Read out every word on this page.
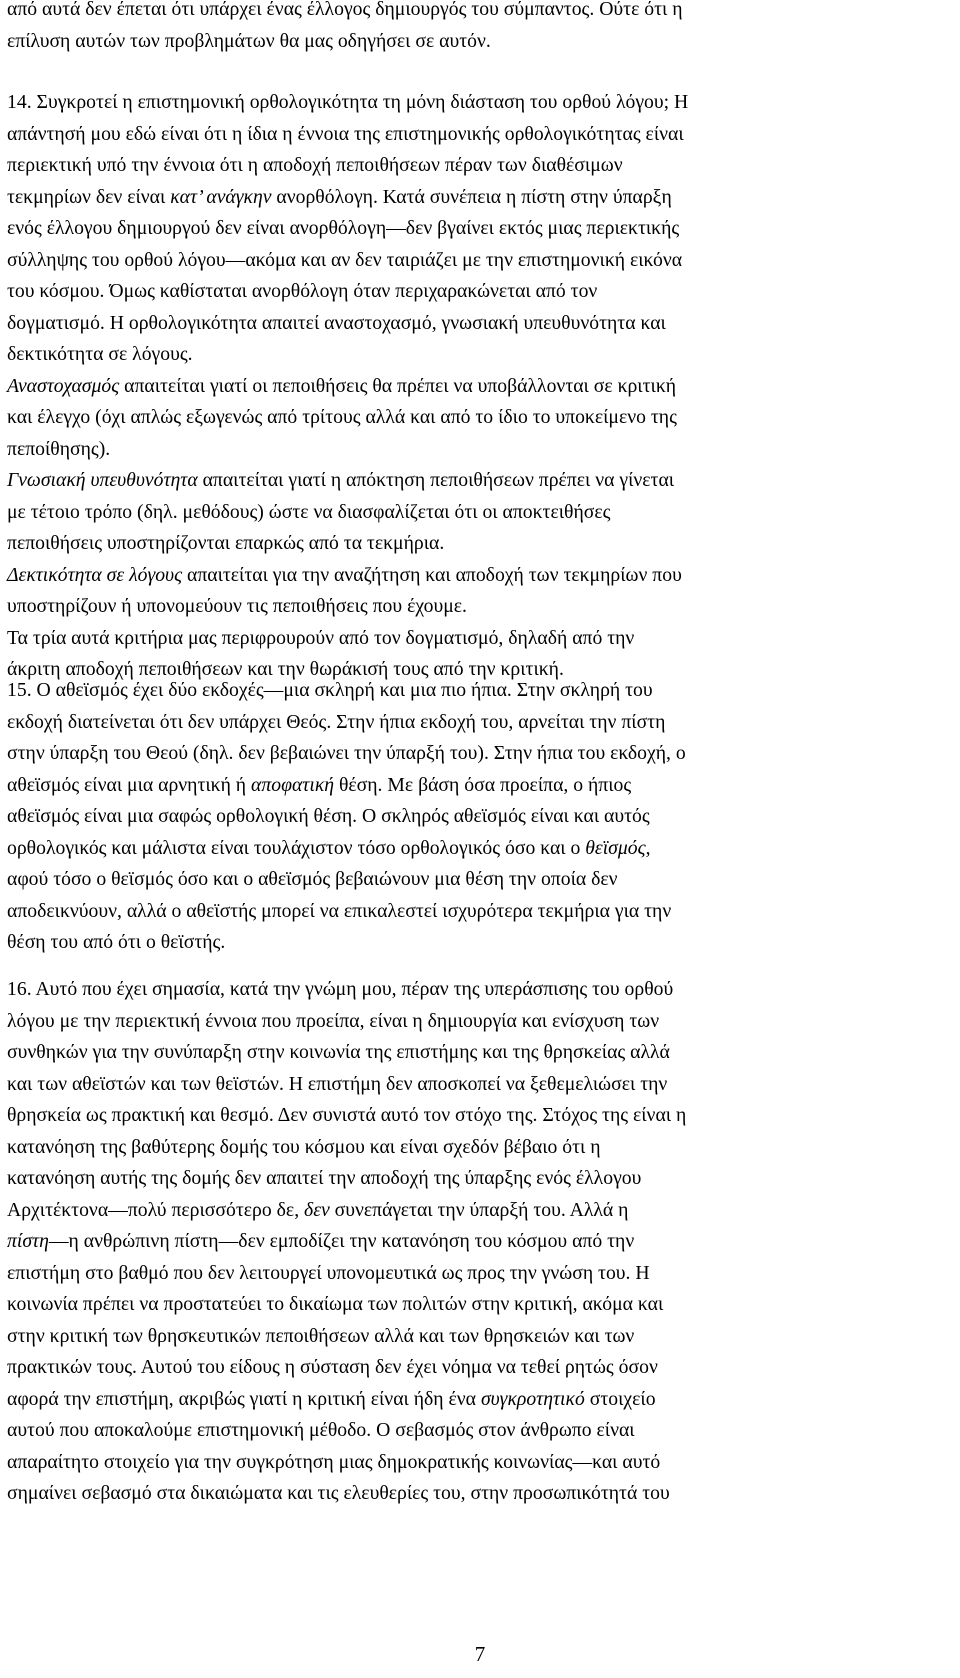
από αυτά δεν έπεται ότι υπάρχει ένας έλλογος δημιουργός του σύμπαντος. Ούτε ότι η
επίλυση αυτών των προβλημάτων θα μας οδηγήσει σε αυτόν.
14. Συγκροτεί η επιστημονική ορθολογικότητα τη μόνη διάσταση του ορθού λόγου; Η
απάντησή μου εδώ είναι ότι η ίδια η έννοια της επιστημονικής ορθολογικότητας είναι
περιεκτική υπό την έννοια ότι η αποδοχή πεποιθήσεων πέραν των διαθέσιμων
τεκμηρίων δεν είναι κατ’ ανάγκην ανορθόλογη. Κατά συνέπεια η πίστη στην ύπαρξη
ενός έλλογου δημιουργού δεν είναι ανορθόλογη—δεν βγαίνει εκτός μιας περιεκτικής
σύλληψης του ορθού λόγου—ακόμα και αν δεν ταιριάζει με την επιστημονική εικόνα
του κόσμου. Όμως καθίσταται ανορθόλογη όταν περιχαρακώνεται από τον
δογματισμό. Η ορθολογικότητα απαιτεί αναστοχασμό, γνωσιακή υπευθυνότητα και
δεκτικότητα σε λόγους.
Αναστοχασμός απαιτείται γιατί οι πεποιθήσεις θα πρέπει να υποβάλλονται σε κριτική
και έλεγχο (όχι απλώς εξωγενώς από τρίτους αλλά και από το ίδιο το υποκείμενο της
πεποίθησης).
Γνωσιακή υπευθυνότητα απαιτείται γιατί η απόκτηση πεποιθήσεων πρέπει να γίνεται
με τέτοιο τρόπο (δηλ. μεθόδους) ώστε να διασφαλίζεται ότι οι αποκτειθήσες
πεποιθήσεις υποστηρίζονται επαρκώς από τα τεκμήρια.
Δεκτικότητα σε λόγους απαιτείται για την αναζήτηση και αποδοχή των τεκμηρίων που
υποστηρίζουν ή υπονομεύουν τις πεποιθήσεις που έχουμε.
Τα τρία αυτά κριτήρια μας περιφρουρούν από τον δογματισμό, δηλαδή από την
άκριτη αποδοχή πεποιθήσεων και την θωράκισή τους από την κριτική.
15. Ο αθεϊσμός έχει δύο εκδοχές—μια σκληρή και μια πιο ήπια. Στην σκληρή του
εκδοχή διατείνεται ότι δεν υπάρχει Θεός. Στην ήπια εκδοχή του, αρνείται την πίστη
στην ύπαρξη του Θεού (δηλ. δεν βεβαιώνει την ύπαρξή του). Στην ήπια του εκδοχή, ο
αθεϊσμός είναι μια αρνητική ή αποφατική θέση. Με βάση όσα προείπα, ο ήπιος
αθεϊσμός είναι μια σαφώς ορθολογική θέση. Ο σκληρός αθεϊσμός είναι και αυτός
ορθολογικός και μάλιστα είναι τουλάχιστον τόσο ορθολογικός όσο και ο θεϊσμός,
αφού τόσο ο θεϊσμός όσο και ο αθεϊσμός βεβαιώνουν μια θέση την οποία δεν
αποδεικνύουν, αλλά ο αθεϊστής μπορεί να επικαλεστεί ισχυρότερα τεκμήρια για την
θέση του από ότι ο θεϊστής.
16. Αυτό που έχει σημασία, κατά την γνώμη μου, πέραν της υπεράσπισης του ορθού
λόγου με την περιεκτική έννοια που προείπα, είναι η δημιουργία και ενίσχυση των
συνθηκών για την συνύπαρξη στην κοινωνία της επιστήμης και της θρησκείας αλλά
και των αθεϊστών και των θεϊστών. Η επιστήμη δεν αποσκοπεί να ξεθεμελιώσει την
θρησκεία ως πρακτική και θεσμό. Δεν συνιστά αυτό τον στόχο της. Στόχος της είναι η
κατανόηση της βαθύτερης δομής του κόσμου και είναι σχεδόν βέβαιο ότι η
κατανόηση αυτής της δομής δεν απαιτεί την αποδοχή της ύπαρξης ενός έλλογου
Αρχιτέκτονα—πολύ περισσότερο δε, δεν συνεπάγεται την ύπαρξή του. Αλλά η
πίστη—η ανθρώπινη πίστη—δεν εμποδίζει την κατανόηση του κόσμου από την
επιστήμη στο βαθμό που δεν λειτουργεί υπονομευτικά ως προς την γνώση του. Η
κοινωνία πρέπει να προστατεύει το δικαίωμα των πολιτών στην κριτική, ακόμα και
στην κριτική των θρησκευτικών πεποιθήσεων αλλά και των θρησκειών και των
πρακτικών τους. Αυτού του είδους η σύσταση δεν έχει νόημα να τεθεί ρητώς όσον
αφορά την επιστήμη, ακριβώς γιατί η κριτική είναι ήδη ένα συγκροτητικό στοιχείο
αυτού που αποκαλούμε επιστημονική μέθοδο. Ο σεβασμός στον άνθρωπο είναι
απαραίτητο στοιχείο για την συγκρότηση μιας δημοκρατικής κοινωνίας—και αυτό
σημαίνει σεβασμό στα δικαιώματα και τις ελευθερίες του, στην προσωπικότητά του
7
